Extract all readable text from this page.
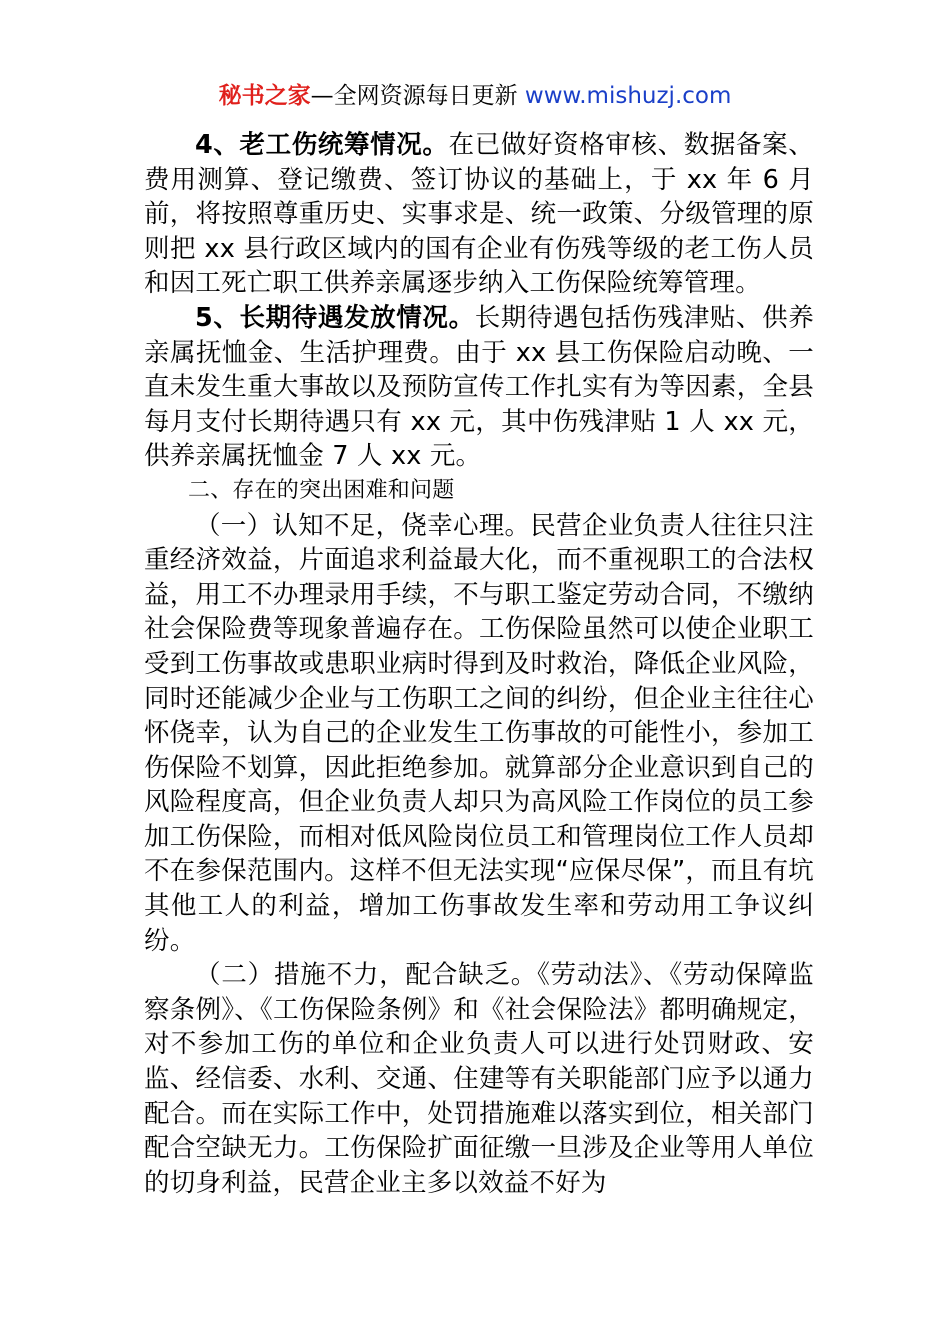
秘书之家—全网资源每日更新 www.mishuzj.com

4、老工伤统筹情况。在已做好资格审核、数据备案、费用测算、登记缴费、签订协议的基础上，于 xx 年 6 月前，将按照尊重历史、实事求是、统一政策、分级管理的原则把 xx 县行政区域内的国有企业有伤残等级的老工伤人员和因工死亡职工供养亲属逐步纳入工伤保险统筹管理。

5、长期待遇发放情况。长期待遇包括伤残津贴、供养亲属抚恤金、生活护理费。由于 xx 县工伤保险启动晚、一直未发生重大事故以及预防宣传工作扎实有为等因素，全县每月支付长期待遇只有 xx 元，其中伤残津贴 1 人 xx 元，供养亲属抚恤金 7 人 xx 元。

二、存在的突出困难和问题

（一）认知不足，侥幸心理。民营企业负责人往往只注重经济效益，片面追求利益最大化，而不重视职工的合法权益，用工不办理录用手续，不与职工鉴定劳动合同，不缴纳社会保险费等现象普遍存在。工伤保险虽然可以使企业职工受到工伤事故或患职业病时得到及时救治，降低企业风险，同时还能减少企业与工伤职工之间的纠纷，但企业主往往心怀侥幸，认为自己的企业发生工伤事故的可能性小，参加工伤保险不划算，因此拒绝参加。就算部分企业意识到自己的风险程度高，但企业负责人却只为高风险工作岗位的员工参加工伤保险，而相对低风险岗位员工和管理岗位工作人员却不在参保范围内。这样不但无法实现“应保尽保”，而且有坑其他工人的利益，增加工伤事故发生率和劳动用工争议纠纷。

（二）措施不力，配合缺乏。《劳动法》、《劳动保障监察条例》、《工伤保险条例》和《社会保险法》都明确规定，对不参加工伤的单位和企业负责人可以进行处罚财政、安监、经信委、水利、交通、住建等有关职能部门应予以通力配合。而在实际工作中，处罚措施难以落实到位，相关部门配合空缺无力。工伤保险扩面征缴一旦涉及企业等用人单位的切身利益，民营企业主多以效益不好为
